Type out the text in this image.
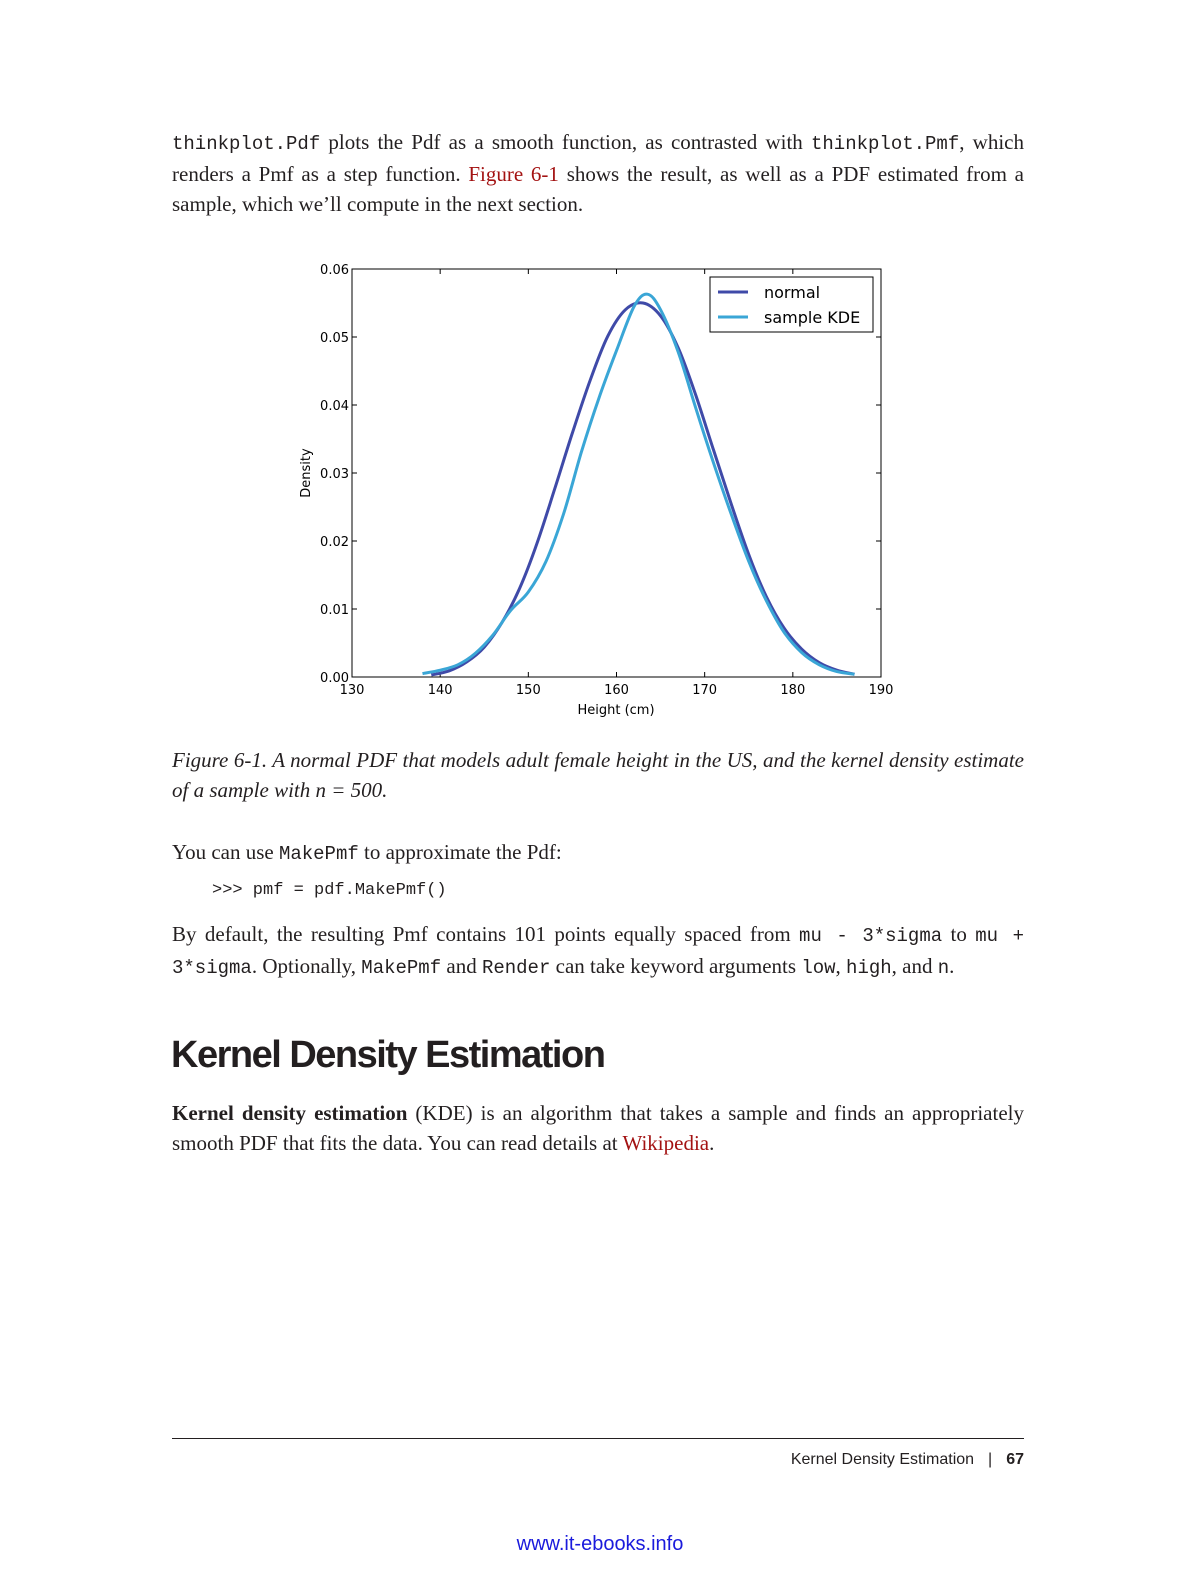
thinkplot.Pdf plots the Pdf as a smooth function, as contrasted with thinkplot.Pmf, which renders a Pmf as a step function. Figure 6-1 shows the result, as well as a PDF estimated from a sample, which we’ll compute in the next section.

130	140	150	160	170	180	190
0.00
0.01
0.02
0.03
0.04
0.05
0.06
Height (cm)
Density
normal
sample KDE

Figure 6-1. A normal PDF that models adult female height in the US, and the kernel density estimate of a sample with n = 500.

You can use MakePmf to approximate the Pdf:

>>> pmf = pdf.MakePmf()

By default, the resulting Pmf contains 101 points equally spaced from mu - 3*sigma to mu + 3*sigma. Optionally, MakePmf and Render can take keyword arguments low, high, and n.

Kernel Density Estimation

Kernel density estimation (KDE) is an algorithm that takes a sample and finds an appropriately smooth PDF that fits the data. You can read details at Wikipedia.

Kernel Density Estimation | 67
www.it-ebooks.info
